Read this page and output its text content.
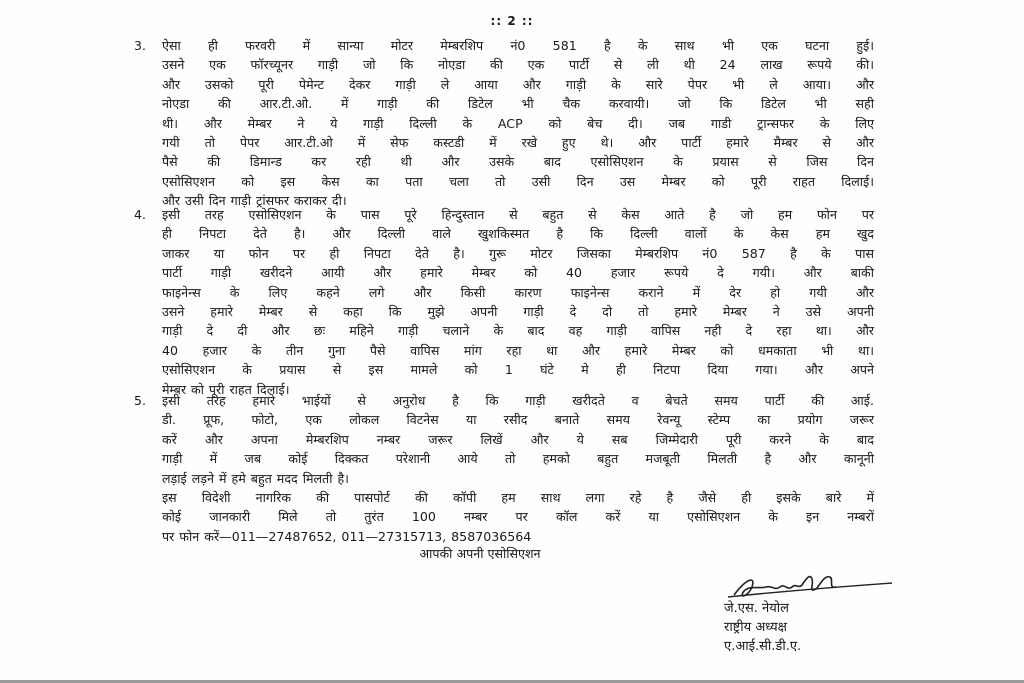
:: 2 ::
3. ऐसा ही फरवरी में सान्या मोटर मेम्बरशिप नं0 581 है के साथ भी एक घटना हुई।
उसने एक फॉरच्यूनर गाड़ी जो कि नोएडा की एक पार्टी से ली थी 24 लाख रूपये की।
और उसको पूरी पेमेन्ट देकर गाड़ी ले आया और गाड़ी के सारे पेपर भी ले आया। और
नोएडा की आर.टी.ओ. में गाड़ी की डिटेल भी चैक करवायी। जो कि डिटेल भी सही
थी। और मेम्बर ने ये गाड़ी दिल्ली के ACP को बेच दी। जब गाडी ट्रान्सफर के लिए
गयी तो पेपर आर.टी.ओ में सेफ कस्टडी में रखे हुए थे। और पार्टी हमारे मैम्बर से और
पैसे की डिमान्ड कर रही थी और उसके बाद एसोसिएशन के प्रयास से जिस दिन
एसोसिएशन को इस केस का पता चला तो उसी दिन उस मेम्बर को पूरी राहत दिलाई।
और उसी दिन गाड़ी ट्रांसफर कराकर दी।
4. इसी तरह एसोसिएशन के पास पूरे हिन्दुस्तान से बहुत से केस आते है जो हम फोन पर
ही निपटा देते है। और दिल्ली वाले खुशकिस्मत है कि दिल्ली वालों के केस हम खुद
जाकर या फोन पर ही निपटा देते है। गुरू मोटर जिसका मेम्बरशिप नं0 587 है के पास
पार्टी गाड़ी खरीदने आयी और हमारे मेम्बर को 40 हजार रूपये दे गयी। और बाकी
फाइनेन्स के लिए कहने लगे और किसी कारण फाइनेन्स कराने में देर हो गयी और
उसने हमारे मेम्बर से कहा कि मुझे अपनी गाड़ी दे दो तो हमारे मेम्बर ने उसे अपनी
गाड़ी दे दी और छः महिने गाड़ी चलाने के बाद वह गाड़ी वापिस नही दे रहा था। और
40 हजार के तीन गुना पैसे वापिस मांग रहा था और हमारे मेम्बर को धमकाता भी था।
एसोसिएशन के प्रयास से इस मामले को 1 घंटे मे ही निटपा दिया गया। और अपने
मेम्बर को पूरी राहत दिलाई।
5. इसी तरह हमारे भाईयों से अनुरोध है कि गाड़ी खरीदते व बेचते समय पार्टी की आई.
डी. प्रूफ, फोटो, एक लोकल विटनेस या रसीद बनाते समय रेवन्यू स्टेम्प का प्रयोग जरूर
करें और अपना मेम्बरशिप नम्बर जरूर लिखें और ये सब जिम्मेदारी पूरी करने के बाद
गाड़ी में जब कोई दिक्कत परेशानी आये तो हमको बहुत मजबूती मिलती है और कानूनी
लड़ाई लड़ने में हमे बहुत मदद मिलती है।
इस विदेशी नागरिक की पासपोर्ट की कॉपी हम साथ लगा रहे है जैसे ही इसके बारे में
कोई जानकारी मिले तो तुरंत 100 नम्बर पर कॉल करें या एसोसिएशन के इन नम्बरों
पर फोन करें—011—27487652, 011—27315713, 8587036564
आपकी अपनी एसोसिएशन
जे.एस. नेयोल
राष्ट्रीय अध्यक्ष
ए.आई.सी.डी.ए.
